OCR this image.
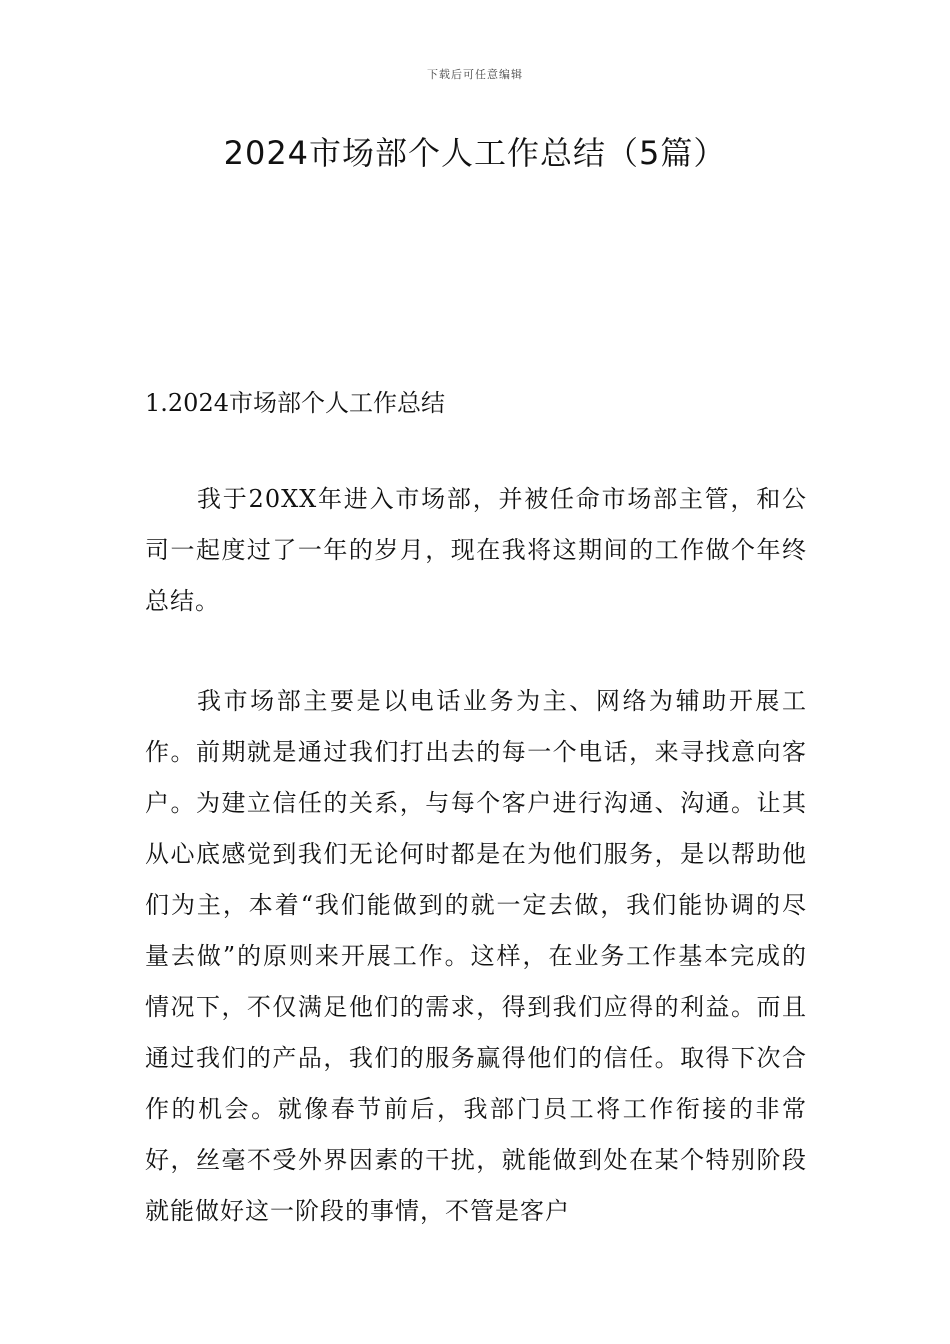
下载后可任意编辑
2024市场部个人工作总结（5篇）
1.2024市场部个人工作总结

我于20XX年进入市场部，并被任命市场部主管，和公司一起度过了一年的岁月，现在我将这期间的工作做个年终总结。

我市场部主要是以电话业务为主、网络为辅助开展工作。前期就是通过我们打出去的每一个电话，来寻找意向客户。为建立信任的关系，与每个客户进行沟通、沟通。让其从心底感觉到我们无论何时都是在为他们服务，是以帮助他们为主，本着“我们能做到的就一定去做，我们能协调的尽量去做”的原则来开展工作。这样，在业务工作基本完成的情况下，不仅满足他们的需求，得到我们应得的利益。而且通过我们的产品，我们的服务赢得他们的信任。取得下次合作的机会。就像春节前后，我部门员工将工作衔接的非常好，丝毫不受外界因素的干扰，就能做到处在某个特别阶段就能做好这一阶段的事情，不管是客户
